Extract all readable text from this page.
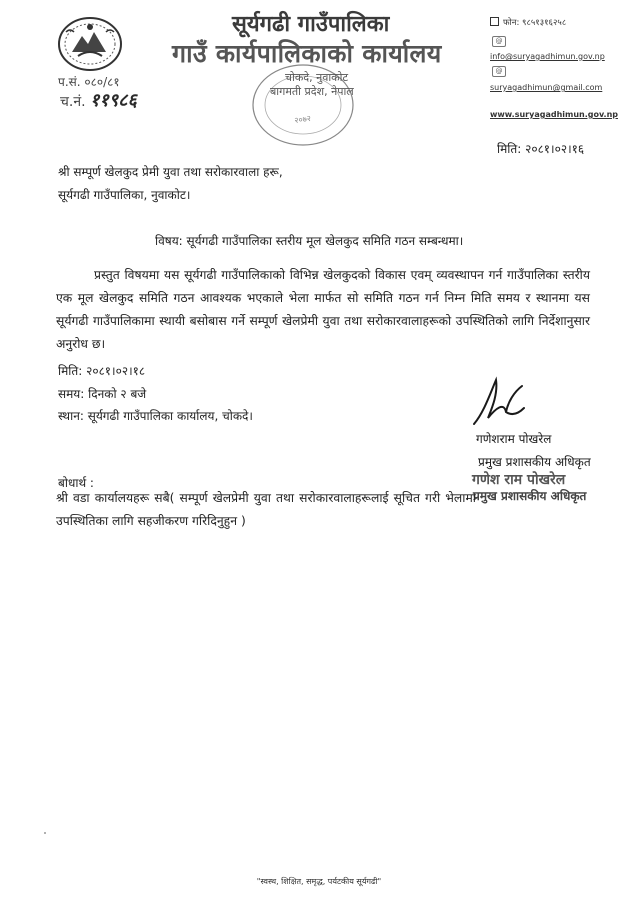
सूर्यगढी गाउँपालिका
गाउँ कार्यपालिकाको कार्यालय
प.सं. ०८०/८१
च.नं. ११९८६
२०७२
चोकदे, नुवाकोट
बागमती प्रदेश, नेपाल
फोन: ९८५१३१६२५८
@
info@suryagadhimun.gov.np
@
suryagadhimun@gmail.com
www.suryagadhimun.gov.np
मिति: २०८१।०२।१६
श्री सम्पूर्ण खेलकुद प्रेमी युवा तथा सरोकारवाला हरू,
सूर्यगढी गाउँपालिका, नुवाकोट।
विषय: सूर्यगढी गाउँपालिका स्तरीय मूल खेलकुद समिति गठन सम्बन्धमा।
प्रस्तुत विषयमा यस सूर्यगढी गाउँपालिकाको विभिन्न खेलकुदको विकास एवम् व्यवस्थापन गर्न गाउँपालिका स्तरीय एक मूल खेलकुद समिति गठन आवश्यक भएकाले भेला मार्फत सो समिति गठन गर्न निम्न मिति समय र स्थानमा यस सूर्यगढी गाउँपालिकामा स्थायी बसोबास गर्ने सम्पूर्ण खेलप्रेमी युवा तथा सरोकारवालाहरूको उपस्थितिको लागि निर्देशानुसार अनुरोध छ।
मिति: २०८१।०२।१८
समय: दिनको २ बजे
स्थान: सूर्यगढी गाउँपालिका कार्यालय, चोकदे।
गणेशराम पोखरेल
प्रमुख प्रशासकीय अधिकृत
गणेश राम पोखरेल
प्रमुख प्रशासकीय अधिकृत
बोधार्थ :
श्री वडा कार्यालयहरू सबै( सम्पूर्ण खेलप्रेमी युवा तथा सरोकारवालाहरूलाई सूचित गरी भेलामा उपस्थितिका लागि सहजीकरण गरिदिनुहुन )
"स्वस्थ, शिक्षित, समृद्ध, पर्यटकीय सूर्यगढी"
